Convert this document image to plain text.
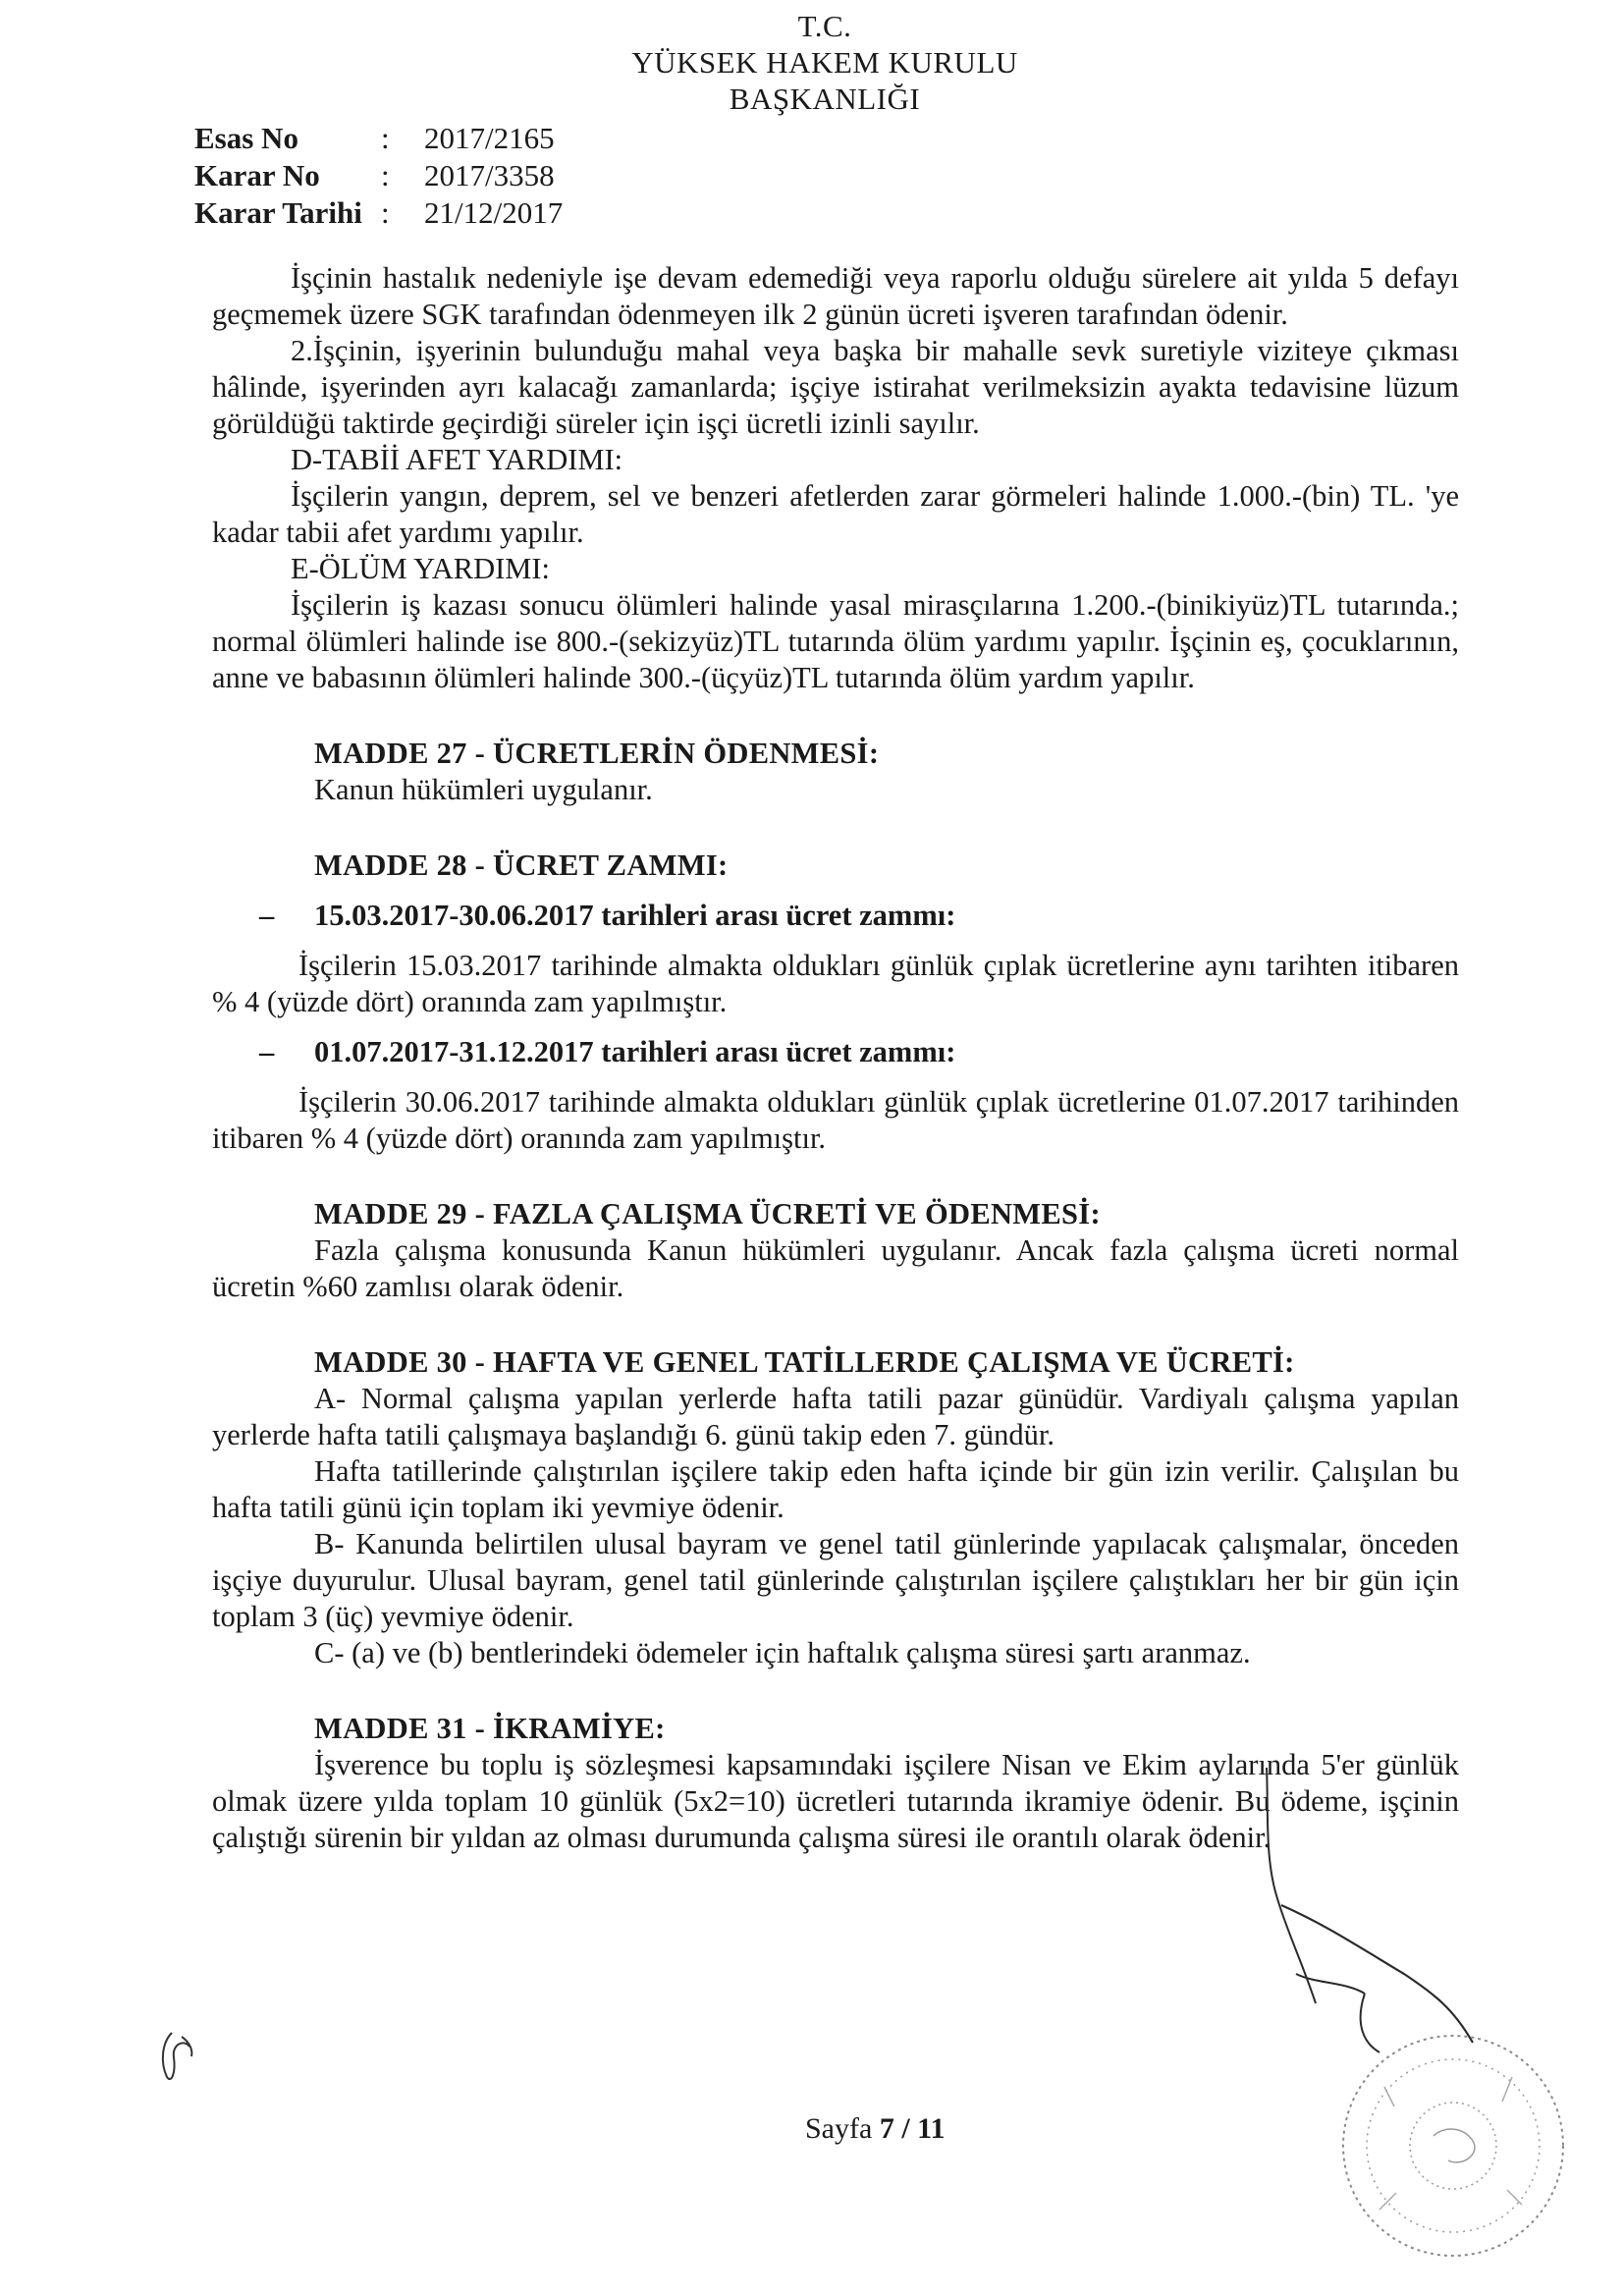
T.C.
YÜKSEK HAKEM KURULU
BAŞKANLIĞI
Esas No	:	2017/2165
Karar No	:	2017/3358
Karar Tarihi :	21/12/2017

İşçinin hastalık nedeniyle işe devam edemediği veya raporlu olduğu sürelere ait yılda 5 defayı geçmemek üzere SGK tarafından ödenmeyen ilk 2 günün ücreti işveren tarafından ödenir.

2.İşçinin, işyerinin bulunduğu mahal veya başka bir mahalle sevk suretiyle viziteye çıkması hâlinde, işyerinden ayrı kalacağı zamanlarda; işçiye istirahat verilmeksizin ayakta tedavisine lüzum görüldüğü taktirde geçirdiği süreler için işçi ücretli izinli sayılır.

D-TABİİ AFET YARDIMI:

İşçilerin yangın, deprem, sel ve benzeri afetlerden zarar görmeleri halinde 1.000.-(bin) TL. 'ye kadar tabii afet yardımı yapılır.

E-ÖLÜM YARDIMI:

İşçilerin iş kazası sonucu ölümleri halinde yasal mirasçılarına 1.200.-(binikiyüz)TL tutarında.; normal ölümleri halinde ise 800.-(sekizyüz)TL tutarında ölüm yardımı yapılır. İşçinin eş, çocuklarının, anne ve babasının ölümleri halinde 300.-(üçyüz)TL tutarında ölüm yardım yapılır.

MADDE 27 - ÜCRETLERİN ÖDENMESİ:

Kanun hükümleri uygulanır.

MADDE 28 - ÜCRET ZAMMI:

–	15.03.2017-30.06.2017 tarihleri arası ücret zammı:

İşçilerin 15.03.2017 tarihinde almakta oldukları günlük çıplak ücretlerine aynı tarihten itibaren % 4 (yüzde dört) oranında zam yapılmıştır.

–	01.07.2017-31.12.2017 tarihleri arası ücret zammı:

İşçilerin 30.06.2017 tarihinde almakta oldukları günlük çıplak ücretlerine 01.07.2017 tarihinden itibaren % 4 (yüzde dört) oranında zam yapılmıştır.

MADDE 29 - FAZLA ÇALIŞMA ÜCRETİ VE ÖDENMESİ:

Fazla çalışma konusunda Kanun hükümleri uygulanır. Ancak fazla çalışma ücreti normal ücretin %60 zamlısı olarak ödenir.

MADDE 30 - HAFTA VE GENEL TATİLLERDE ÇALIŞMA VE ÜCRETİ:

A- Normal çalışma yapılan yerlerde hafta tatili pazar günüdür. Vardiyalı çalışma yapılan yerlerde hafta tatili çalışmaya başlandığı 6. günü takip eden 7. gündür.

Hafta tatillerinde çalıştırılan işçilere takip eden hafta içinde bir gün izin verilir. Çalışılan bu hafta tatili günü için toplam iki yevmiye ödenir.

B- Kanunda belirtilen ulusal bayram ve genel tatil günlerinde yapılacak çalışmalar, önceden işçiye duyurulur. Ulusal bayram, genel tatil günlerinde çalıştırılan işçilere çalıştıkları her bir gün için toplam 3 (üç) yevmiye ödenir.

C- (a) ve (b) bentlerindeki ödemeler için haftalık çalışma süresi şartı aranmaz.

MADDE 31 - İKRAMİYE:

İşverence bu toplu iş sözleşmesi kapsamındaki işçilere Nisan ve Ekim aylarında 5'er günlük olmak üzere yılda toplam 10 günlük (5x2=10) ücretleri tutarında ikramiye ödenir. Bu ödeme, işçinin çalıştığı sürenin bir yıldan az olması durumunda çalışma süresi ile orantılı olarak ödenir.

Sayfa 7 / 11
